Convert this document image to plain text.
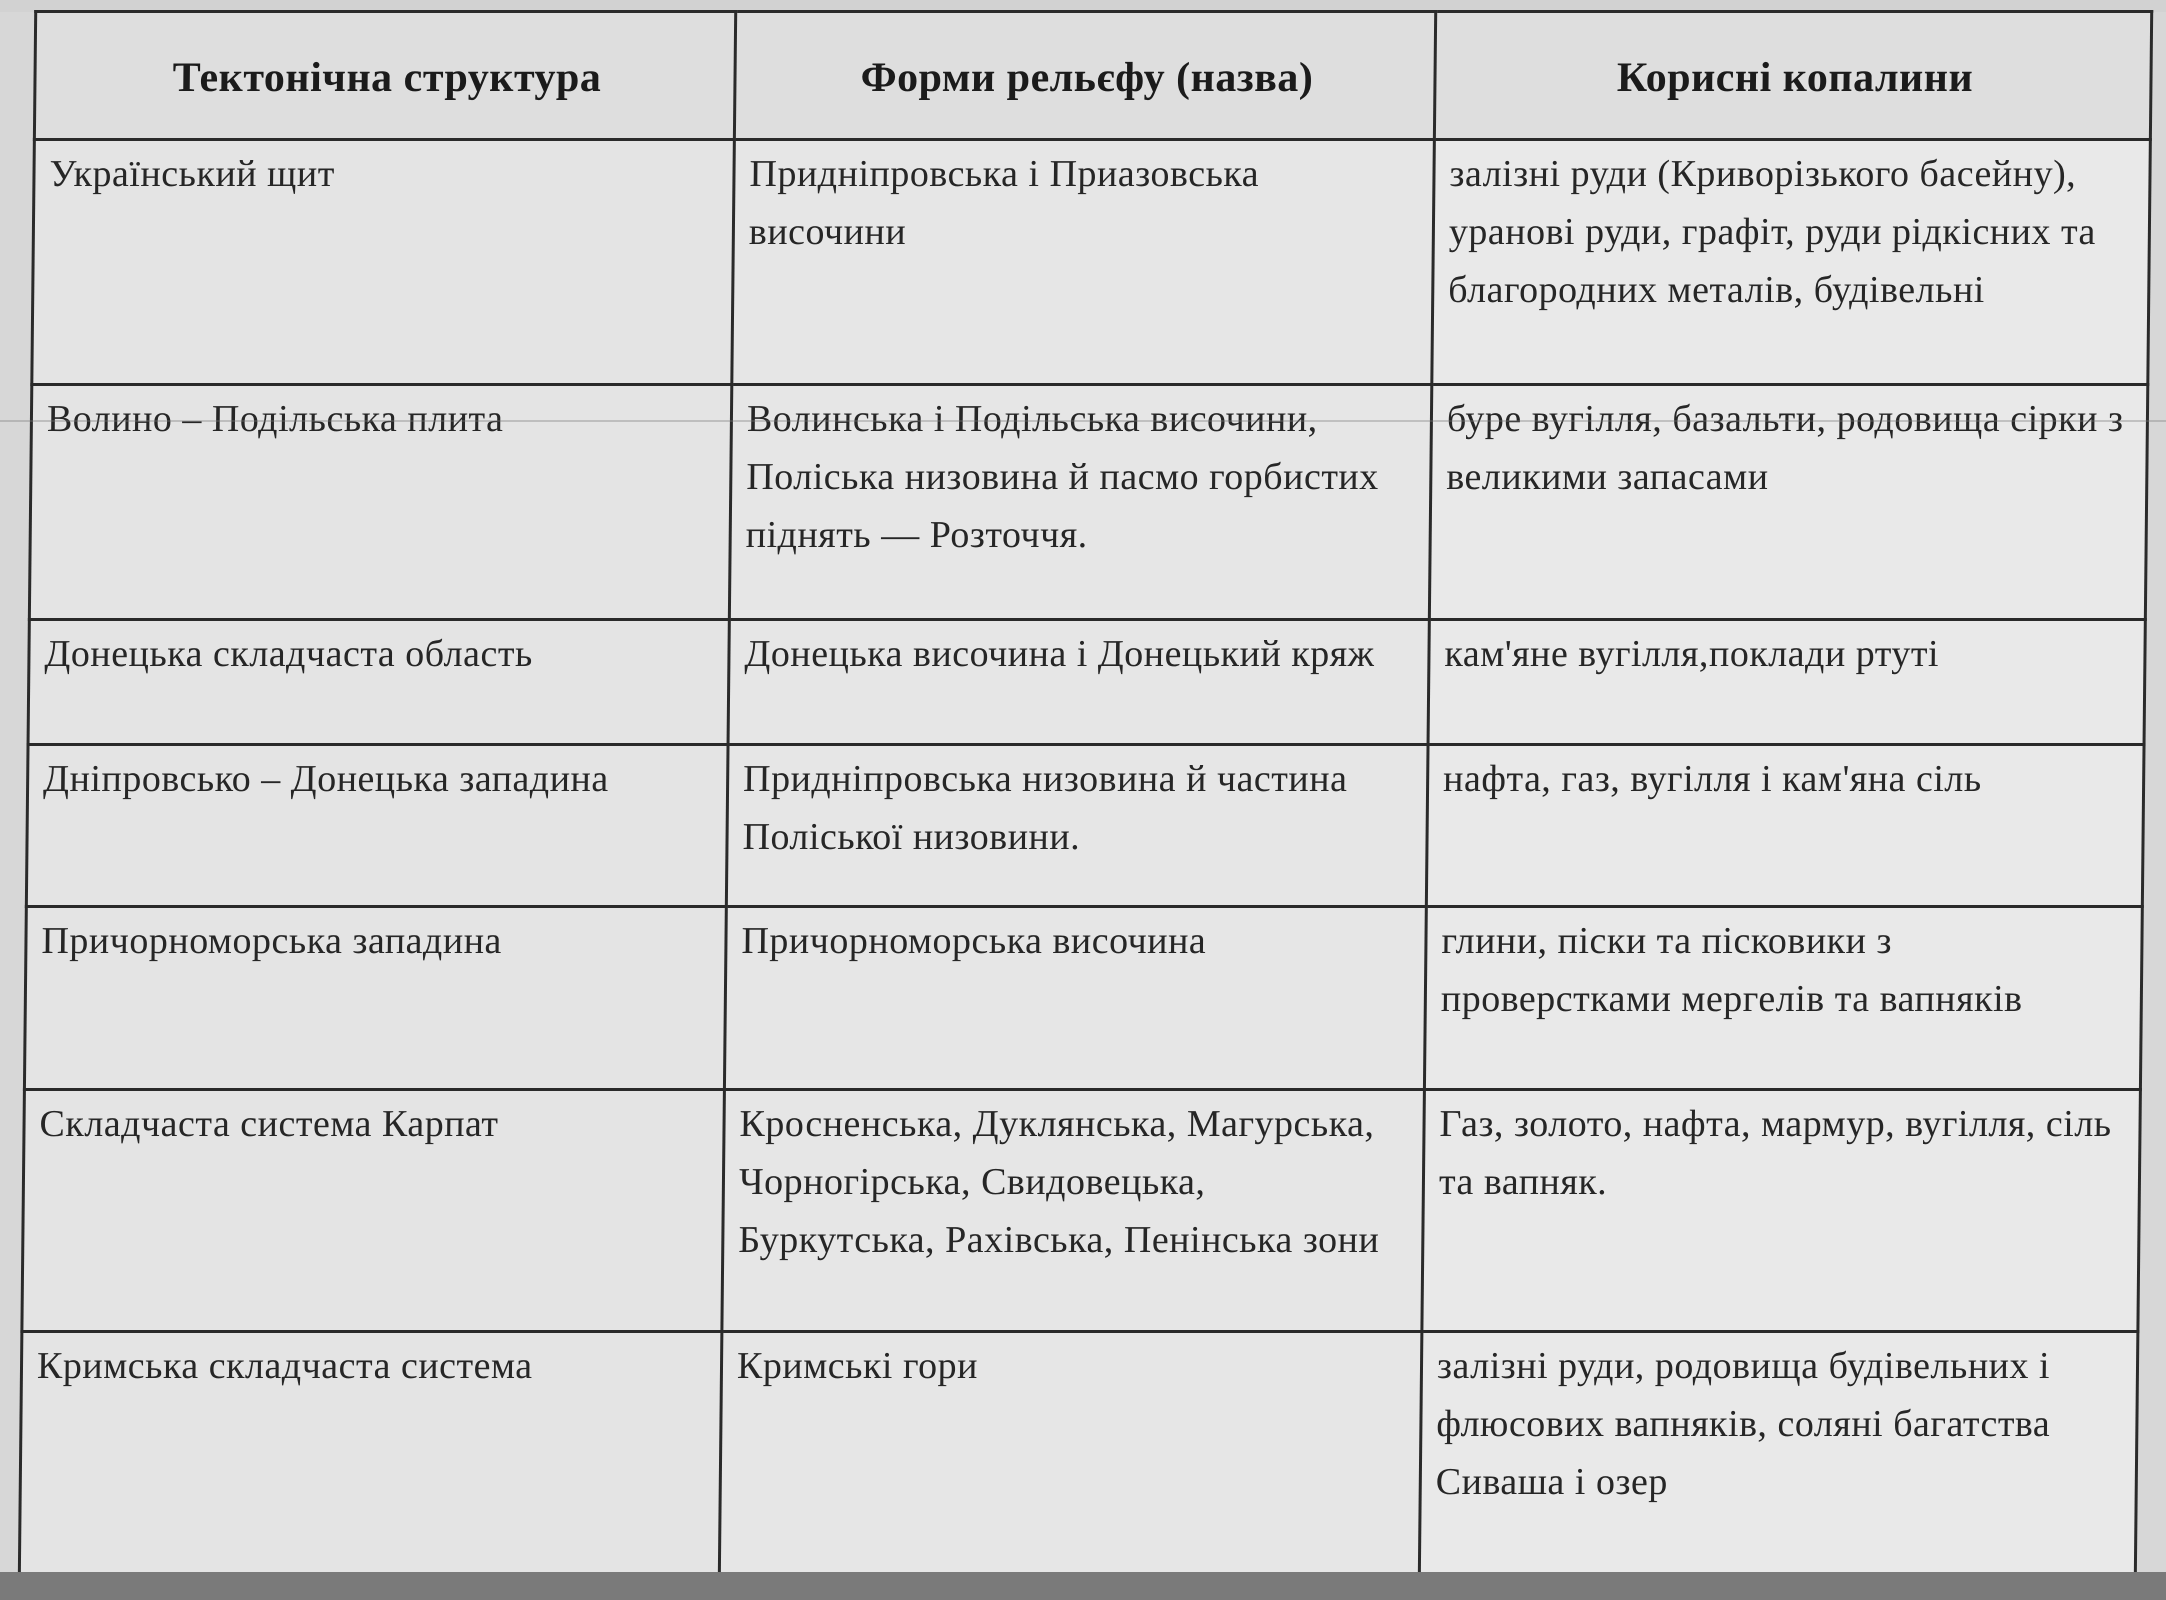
Тектонічна структура	Форми рельєфу (назва)	Корисні копалини
Український щит	Придніпровська і Приазовська височини	залізні руди (Криворізького басейну), уранові руди, графіт, руди рідкісних та благородних металів, будівельні
Волино – Подільська плита	Волинська і Подільська височини, Поліська низовина й пасмо горбистих піднять — Розточчя.	буре вугілля, базальти, родовища сірки з великими запасами
Донецька складчаста область	Донецька височина і Донецький кряж	кам'яне вугілля,поклади ртуті
Дніпровсько – Донецька западина	Придніпровська низовина й частина Поліської низовини.	нафта, газ, вугілля і кам'яна сіль
Причорноморська западина	Причорноморська височина	глини, піски та пісковики з проверстками мергелів та вапняків
Складчаста система Карпат	Кросненська, Дуклянська, Магурська, Чорногірська, Свидовецька, Буркутська, Рахівська, Пенінська зони	Газ, золото, нафта, мармур, вугілля, сіль та вапняк.
Кримська складчаста система	Кримські гори	залізні руди, родовища будівельних і флюсових вапняків, соляні багатства Сиваша і озер
